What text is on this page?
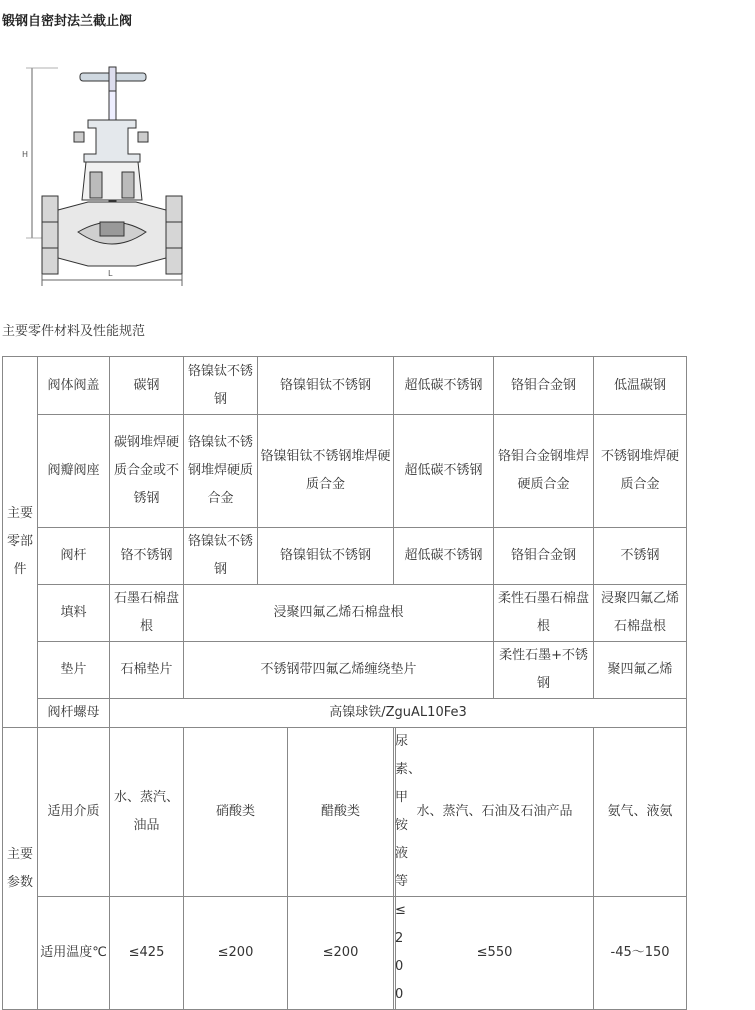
锻钢自密封法兰截止阀
H
L
主要零件材料及性能规范
主要零部件	阀体阀盖	碳钢	铬镍钛不锈钢	铬镍钼钛不锈钢		超低碳不锈钢		铬钼合金钢	低温碳钢
	阀瓣阀座	碳钢堆焊硬质合金或不锈钢	铬镍钛不锈钢堆焊硬质合金	铬镍钼钛不锈钢堆焊硬质合金		超低碳不锈钢		铬钼合金钢堆焊硬质合金	不锈钢堆焊硬质合金
	阀杆	铬不锈钢	铬镍钛不锈钢	铬镍钼钛不锈钢		超低碳不锈钢		铬钼合金钢	不锈钢
	填料	石墨石棉盘根	浸聚四氟乙烯石棉盘根					柔性石墨石棉盘根	浸聚四氟乙烯石棉盘根
	垫片	石棉垫片	不锈钢带四氟乙烯缠绕垫片					柔性石墨+不锈钢	聚四氟乙烯
	阀杆螺母	高镍球铁/ZguAL10Fe3							
主要参数	适用介质	水、蒸汽、油品	硝酸类		醋酸类	尿素、甲铵液等	水、蒸汽、石油及石油产品		氨气、液氨
	适用温度℃	≤425	≤200		≤200	≤200	≤550		-45～150
